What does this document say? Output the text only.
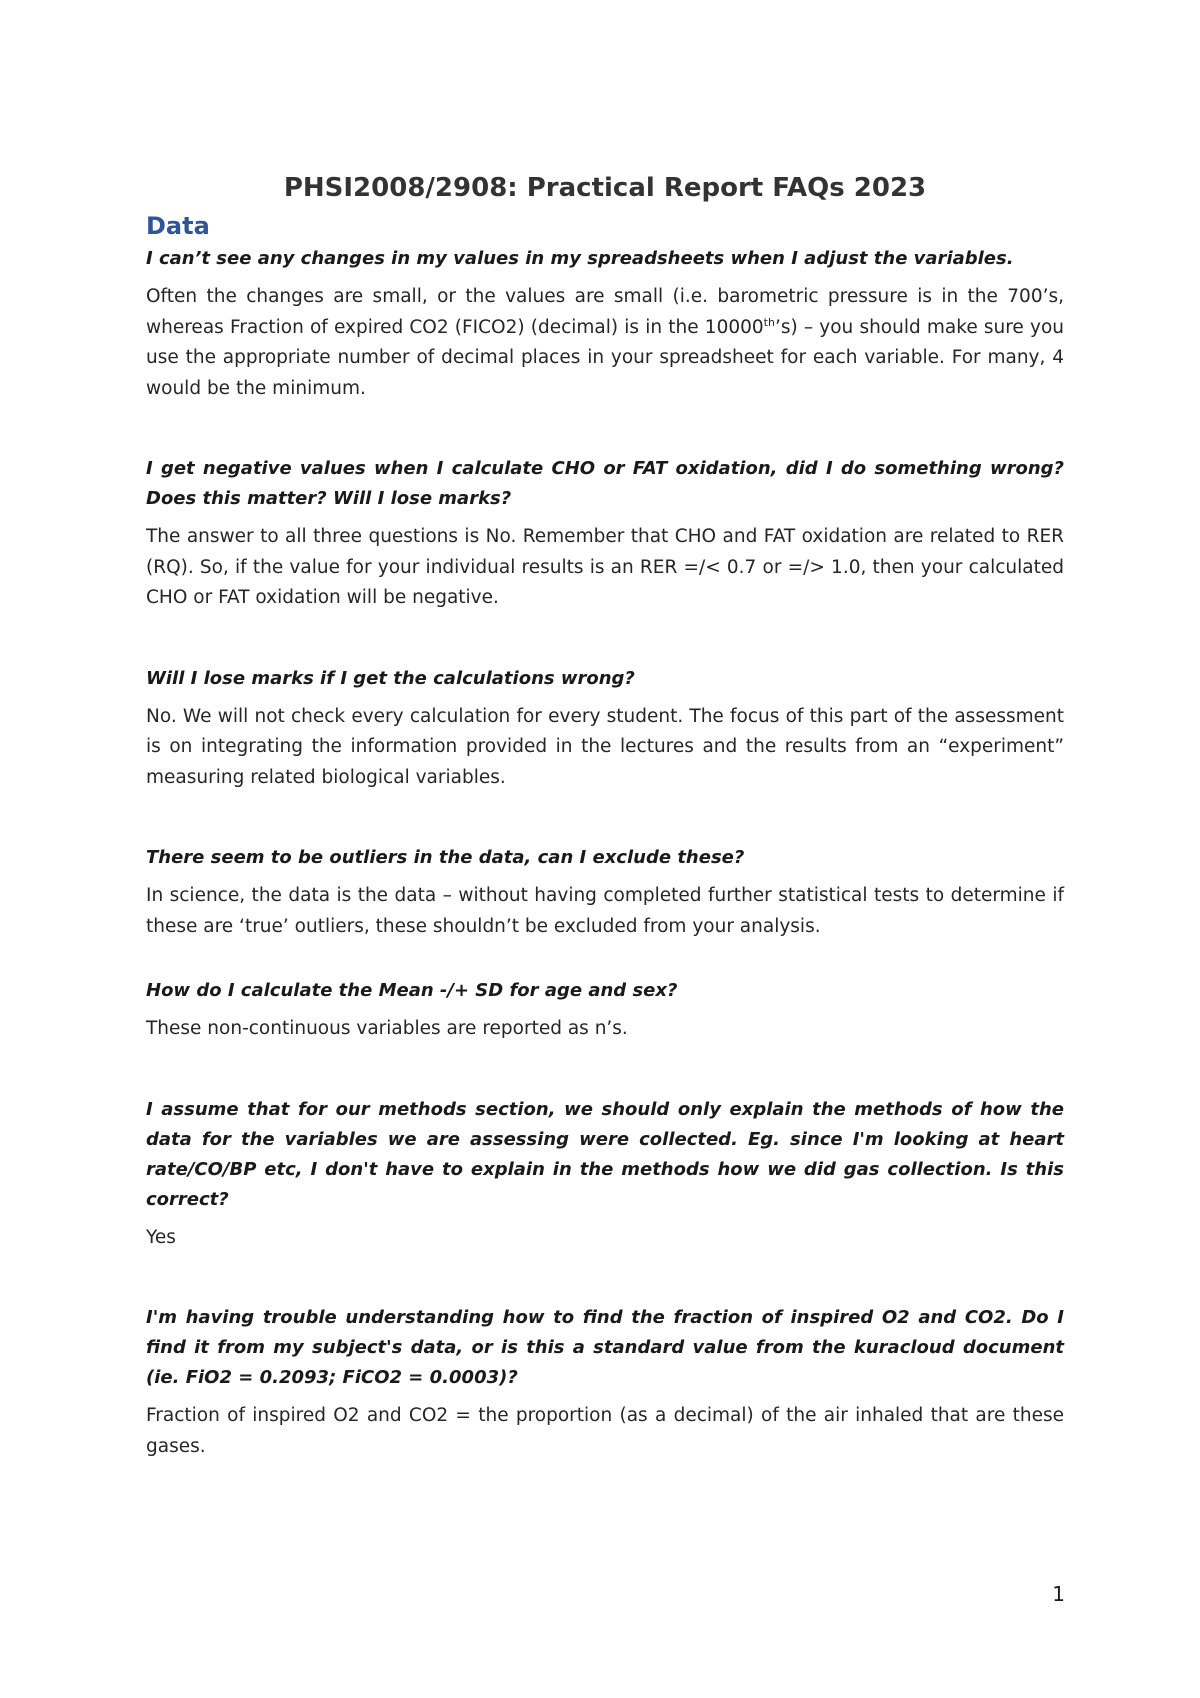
PHSI2008/2908: Practical Report FAQs 2023
Data

I can’t see any changes in my values in my spreadsheets when I adjust the variables.

Often the changes are small, or the values are small (i.e. barometric pressure is in the 700’s, whereas Fraction of expired CO2 (FICO2) (decimal) is in the 10000th’s) – you should make sure you use the appropriate number of decimal places in your spreadsheet for each variable. For many, 4 would be the minimum.

I get negative values when I calculate CHO or FAT oxidation, did I do something wrong? Does this matter? Will I lose marks?

The answer to all three questions is No. Remember that CHO and FAT oxidation are related to RER (RQ). So, if the value for your individual results is an RER =/< 0.7 or =/> 1.0, then your calculated CHO or FAT oxidation will be negative.

Will I lose marks if I get the calculations wrong?

No. We will not check every calculation for every student. The focus of this part of the assessment is on integrating the information provided in the lectures and the results from an “experiment” measuring related biological variables.

There seem to be outliers in the data, can I exclude these?

In science, the data is the data – without having completed further statistical tests to determine if these are ‘true’ outliers, these shouldn’t be excluded from your analysis.

How do I calculate the Mean -/+ SD for age and sex?

These non-continuous variables are reported as n’s.

I assume that for our methods section, we should only explain the methods of how the data for the variables we are assessing were collected. Eg. since I'm looking at heart rate/CO/BP etc, I don't have to explain in the methods how we did gas collection. Is this correct?

Yes

I'm having trouble understanding how to find the fraction of inspired O2 and CO2. Do I find it from my subject's data, or is this a standard value from the kuracloud document (ie. FiO2 = 0.2093; FiCO2 = 0.0003)?

Fraction of inspired O2 and CO2 = the proportion (as a decimal) of the air inhaled that are these gases.

1
